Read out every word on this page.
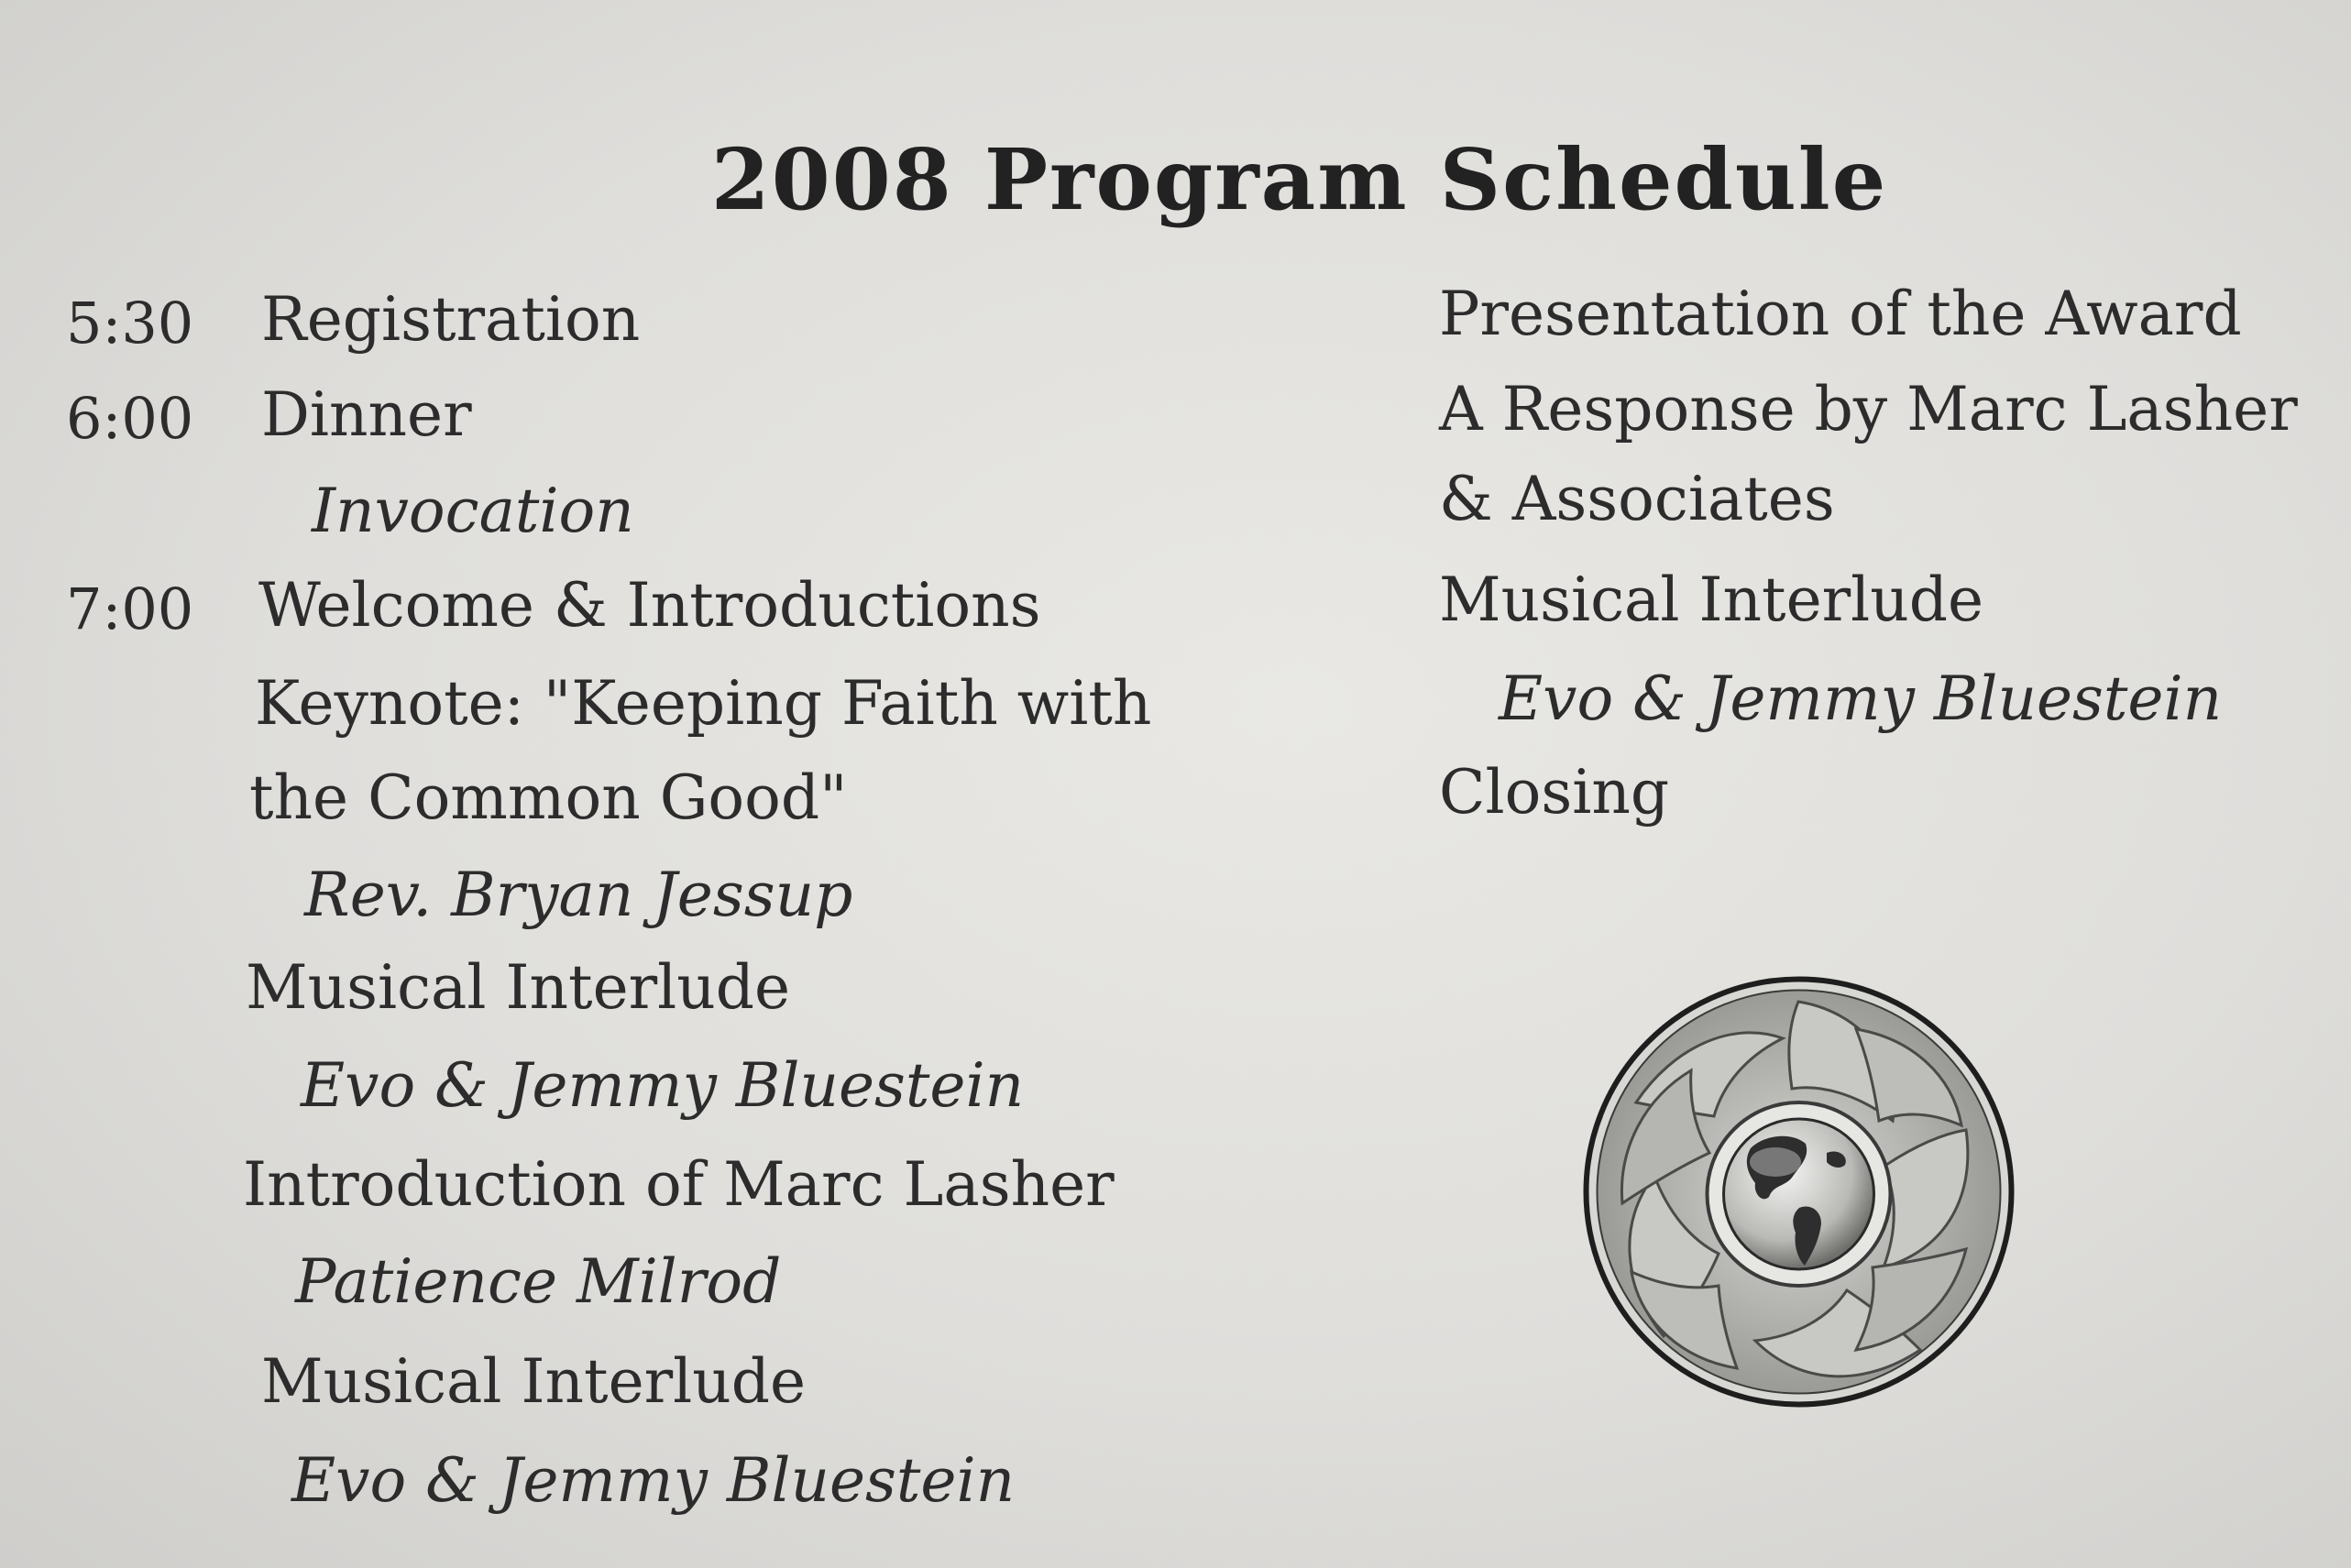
2008 Program Schedule
5:30
6:00
7:00
Registration
Dinner
Invocation
Welcome & Introductions
Keynote: "Keeping Faith with
the Common Good"
Rev. Bryan Jessup
Musical Interlude
Evo & Jemmy Bluestein
Introduction of Marc Lasher
Patience Milrod
Musical Interlude
Evo & Jemmy Bluestein
Presentation of the Award
A Response by Marc Lasher
& Associates
Musical Interlude
Evo & Jemmy Bluestein
Closing
